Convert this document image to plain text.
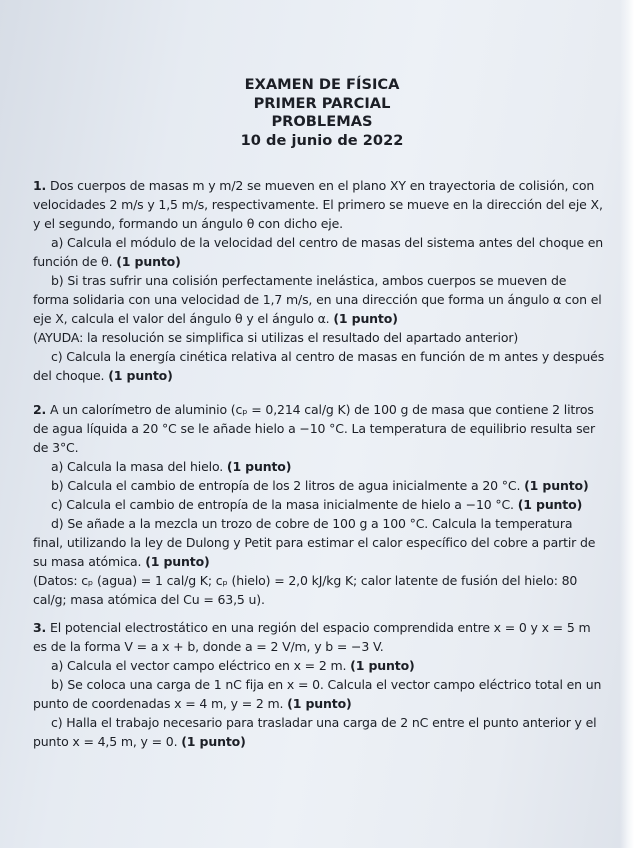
EXAMEN DE FÍSICA
PRIMER PARCIAL
PROBLEMAS
10 de junio de 2022

1. Dos cuerpos de masas m y m/2 se mueven en el plano XY en trayectoria de colisión, con velocidades 2 m/s y 1,5 m/s, respectivamente. El primero se mueve en la dirección del eje X, y el segundo, formando un ángulo θ con dicho eje.

a) Calcula el módulo de la velocidad del centro de masas del sistema antes del choque en función de θ. (1 punto)

b) Si tras sufrir una colisión perfectamente inelástica, ambos cuerpos se mueven de forma solidaria con una velocidad de 1,7 m/s, en una dirección que forma un ángulo α con el eje X, calcula el valor del ángulo θ y el ángulo α. (1 punto)

(AYUDA: la resolución se simplifica si utilizas el resultado del apartado anterior)

c) Calcula la energía cinética relativa al centro de masas en función de m antes y después del choque. (1 punto)

2. A un calorímetro de aluminio (cₚ = 0,214 cal/g K) de 100 g de masa que contiene 2 litros de agua líquida a 20 °C se le añade hielo a −10 °C. La temperatura de equilibrio resulta ser de 3°C.

a) Calcula la masa del hielo. (1 punto)

b) Calcula el cambio de entropía de los 2 litros de agua inicialmente a 20 °C. (1 punto)

c) Calcula el cambio de entropía de la masa inicialmente de hielo a −10 °C. (1 punto)

d) Se añade a la mezcla un trozo de cobre de 100 g a 100 °C. Calcula la temperatura final, utilizando la ley de Dulong y Petit para estimar el calor específico del cobre a partir de su masa atómica. (1 punto)

(Datos: cₚ (agua) = 1 cal/g K; cₚ (hielo) = 2,0 kJ/kg K; calor latente de fusión del hielo: 80 cal/g; masa atómica del Cu = 63,5 u).

3. El potencial electrostático en una región del espacio comprendida entre x = 0 y x = 5 m es de la forma V = a x + b, donde a = 2 V/m, y b = −3 V.

a) Calcula el vector campo eléctrico en x = 2 m. (1 punto)

b) Se coloca una carga de 1 nC fija en x = 0. Calcula el vector campo eléctrico total en un punto de coordenadas x = 4 m, y = 2 m. (1 punto)

c) Halla el trabajo necesario para trasladar una carga de 2 nC entre el punto anterior y el punto x = 4,5 m, y = 0. (1 punto)
